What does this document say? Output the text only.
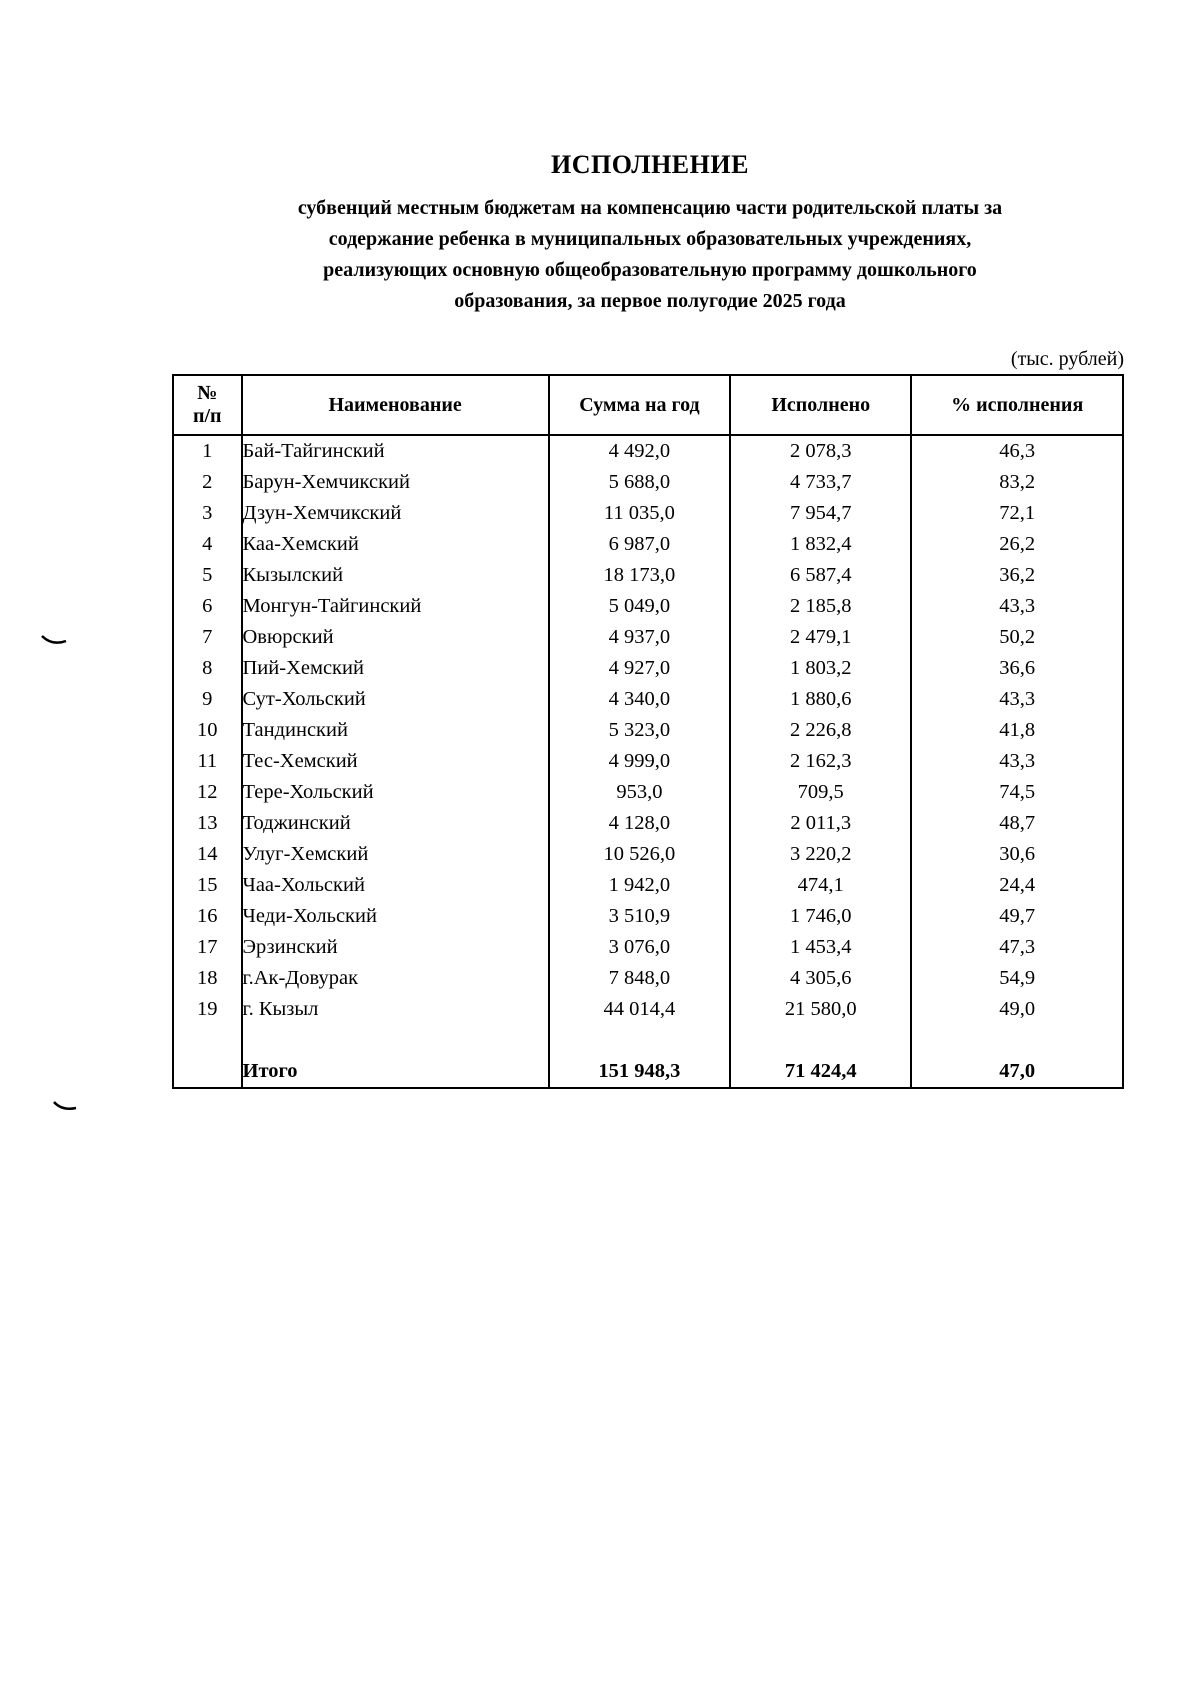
ИСПОЛНЕНИЕ
субвенций местным бюджетам на компенсацию части родительской платы за
содержание ребенка в муниципальных образовательных учреждениях,
реализующих основную общеобразовательную программу дошкольного
образования, за первое полугодие 2025 года
(тыс. рублей)
№
п/п	Наименование	Сумма на год	Исполнено	% исполнения
1	Бай-Тайгинский	4 492,0	2 078,3	46,3
2	Барун-Хемчикский	5 688,0	4 733,7	83,2
3	Дзун-Хемчикский	11 035,0	7 954,7	72,1
4	Каа-Хемский	6 987,0	1 832,4	26,2
5	Кызылский	18 173,0	6 587,4	36,2
6	Монгун-Тайгинский	5 049,0	2 185,8	43,3
7	Овюрский	4 937,0	2 479,1	50,2
8	Пий-Хемский	4 927,0	1 803,2	36,6
9	Сут-Хольский	4 340,0	1 880,6	43,3
10	Тандинский	5 323,0	2 226,8	41,8
11	Тес-Хемский	4 999,0	2 162,3	43,3
12	Тере-Хольский	953,0	709,5	74,5
13	Тоджинский	4 128,0	2 011,3	48,7
14	Улуг-Хемский	10 526,0	3 220,2	30,6
15	Чаа-Хольский	1 942,0	474,1	24,4
16	Чеди-Хольский	3 510,9	1 746,0	49,7
17	Эрзинский	3 076,0	1 453,4	47,3
18	г.Ак-Довурак	7 848,0	4 305,6	54,9
19	г. Кызыл	44 014,4	21 580,0	49,0

	Итого	151 948,3	71 424,4	47,0
